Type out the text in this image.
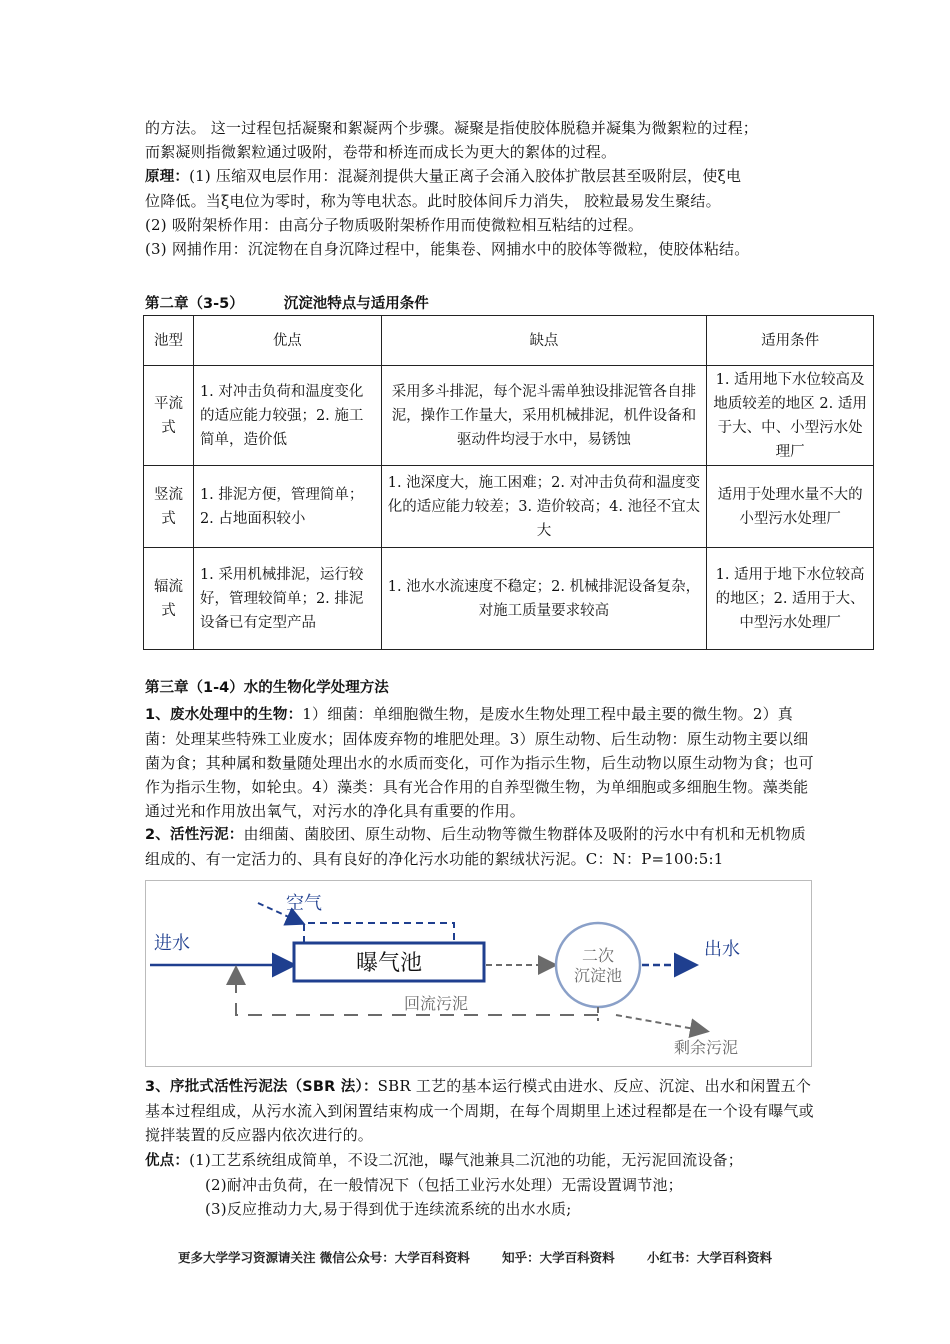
的方法。 这一过程包括凝聚和絮凝两个步骤。凝聚是指使胶体脱稳并凝集为微絮粒的过程；
而絮凝则指微絮粒通过吸附，卷带和桥连而成长为更大的絮体的过程。
原理：(1) 压缩双电层作用：混凝剂提供大量正离子会涌入胶体扩散层甚至吸附层，使ξ电
位降低。当ξ电位为零时，称为等电状态。此时胶体间斥力消失， 胶粒最易发生聚结。
(2) 吸附架桥作用：由高分子物质吸附架桥作用而使微粒相互粘结的过程。
(3) 网捕作用：沉淀物在自身沉降过程中，能集卷、网捕水中的胶体等微粒，使胶体粘结。
第二章（3-5）	沉淀池特点与适用条件
池型	优点	缺点	适用条件
平流式	1. 对冲击负荷和温度变化的适应能力较强；2. 施工简单，造价低	采用多斗排泥，每个泥斗需单独设排泥管各自排泥，操作工作量大，采用机械排泥，机件设备和驱动件均浸于水中，易锈蚀	1. 适用地下水位较高及地质较差的地区 2. 适用于大、中、小型污水处理厂
竖流式	1. 排泥方便，管理简单；2. 占地面积较小	1. 池深度大，施工困难；2. 对冲击负荷和温度变化的适应能力较差；3. 造价较高；4. 池径不宜太大	适用于处理水量不大的小型污水处理厂
辐流式	1. 采用机械排泥，运行较好，管理较简单；2. 排泥设备已有定型产品	1. 池水水流速度不稳定；2. 机械排泥设备复杂，对施工质量要求较高	1. 适用于地下水位较高的地区；2. 适用于大、中型污水处理厂
第三章（1-4）水的生物化学处理方法
1、废水处理中的生物：1）细菌：单细胞微生物，是废水生物处理工程中最主要的微生物。2）真菌：处理某些特殊工业废水；固体废弃物的堆肥处理。3）原生动物、后生动物：原生动物主要以细菌为食；其种属和数量随处理出水的水质而变化，可作为指示生物，后生动物以原生动物为食；也可作为指示生物，如轮虫。4）藻类：具有光合作用的自养型微生物，为单细胞或多细胞生物。藻类能通过光和作用放出氧气，对污水的净化具有重要的作用。
2、活性污泥：由细菌、菌胶团、原生动物、后生动物等微生物群体及吸附的污水中有机和无机物质组成的、有一定活力的、具有良好的净化污水功能的絮绒状污泥。C：N：P=100:5:1
空气
进水
曝气池	二次
沉淀池
出水
回流污泥
剩余污泥
3、序批式活性污泥法（SBR 法）：SBR 工艺的基本运行模式由进水、反应、沉淀、出水和闲置五个基本过程组成，从污水流入到闲置结束构成一个周期，在每个周期里上述过程都是在一个设有曝气或搅拌装置的反应器内依次进行的。
优点：(1)工艺系统组成简单，不设二沉池，曝气池兼具二沉池的功能，无污泥回流设备；
(2)耐冲击负荷，在一般情况下（包括工业污水处理）无需设置调节池；
(3)反应推动力大,易于得到优于连续流系统的出水水质;
更多大学学习资源请关注 微信公众号：大学百科资料	知乎：大学百科资料	小红书：大学百科资料
